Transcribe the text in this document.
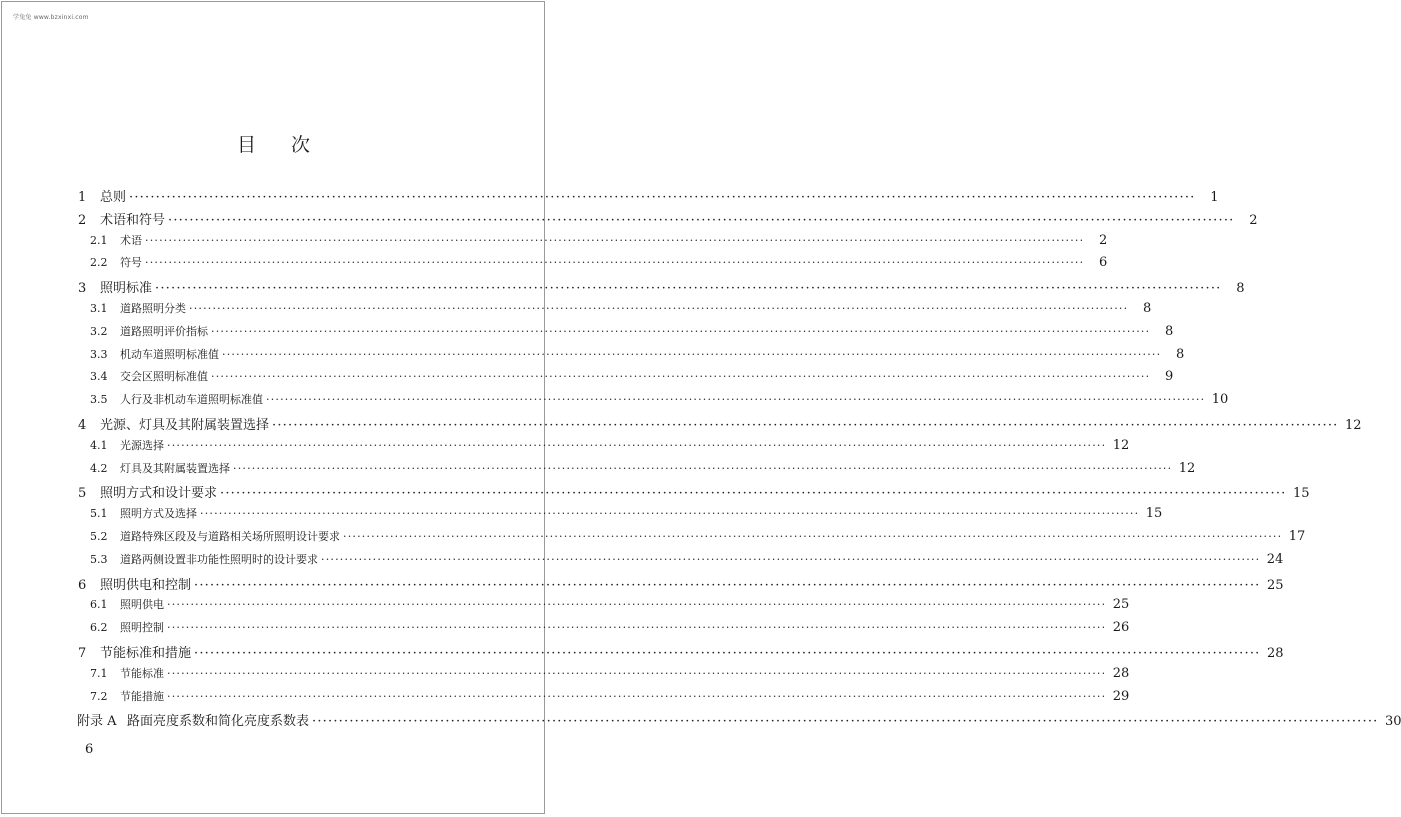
学兔兔 www.bzxinxi.com
目 次
1	总则 ········································································································································································································	1
2	术语和符号 ········································································································································································································	2
2.1	术语 ········································································································································································································	2
2.2	符号 ········································································································································································································	6
3	照明标准 ········································································································································································································	8
3.1	道路照明分类 ········································································································································································································	8
3.2	道路照明评价指标 ········································································································································································································	8
3.3	机动车道照明标准值 ········································································································································································································	8
3.4	交会区照明标准值 ········································································································································································································	9
3.5	人行及非机动车道照明标准值 ········································································································································································································ 10
4	光源、灯具及其附属装置选择 ········································································································································································································ 12
4.1	光源选择 ········································································································································································································ 12
4.2	灯具及其附属装置选择 ········································································································································································································ 12
5	照明方式和设计要求 ········································································································································································································ 15
5.1	照明方式及选择 ········································································································································································································ 15
5.2	道路特殊区段及与道路相关场所照明设计要求 ········································································································································································································ 17
5.3	道路两侧设置非功能性照明时的设计要求 ········································································································································································································ 24
6	照明供电和控制 ········································································································································································································ 25
6.1	照明供电 ········································································································································································································ 25
6.2	照明控制 ········································································································································································································ 26
7	节能标准和措施 ········································································································································································································ 28
7.1	节能标准 ········································································································································································································ 28
7.2	节能措施 ········································································································································································································ 29
附录 A 路面亮度系数和简化亮度系数表 ········································································································································································································ 30
6
